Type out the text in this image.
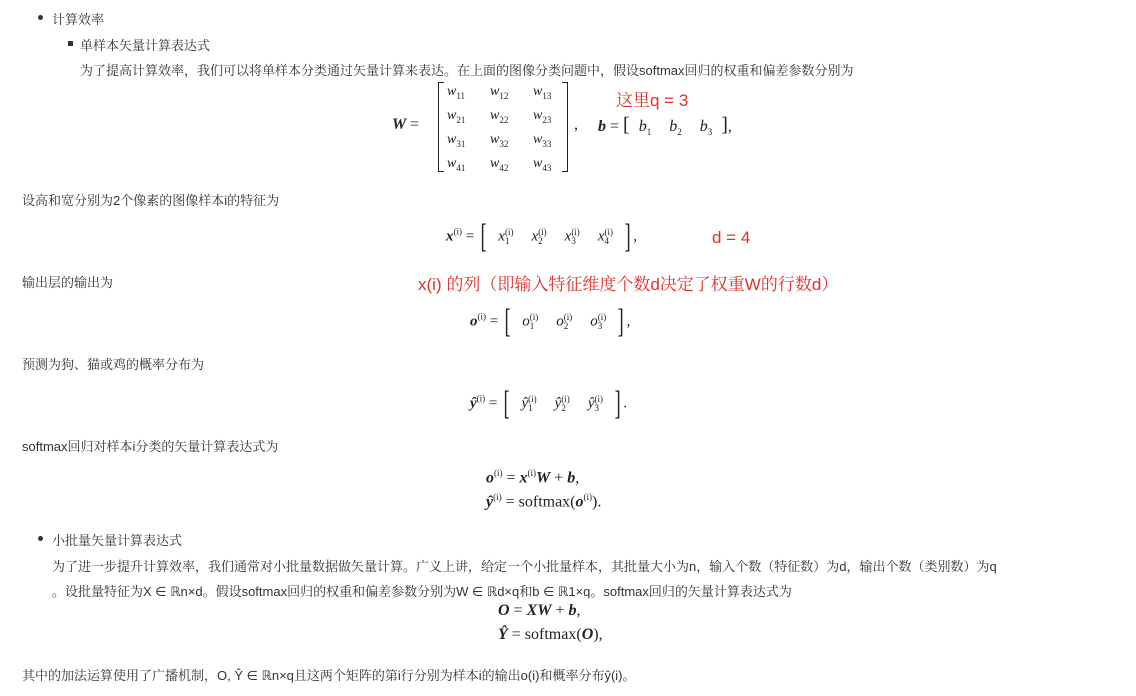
计算效率
单样本矢量计算表达式
为了提高计算效率，我们可以将单样本分类通过矢量计算来表达。在上面的图像分类问题中，假设softmax回归的权重和偏差参数分别为
W =
$w_{11}$ $w_{12}$ $w_{13}$
$w_{21}$ $w_{22}$ $w_{23}$
$w_{31}$ $w_{32}$ $w_{33}$
$w_{41}$ $w_{42}$ $w_{43}$
, b = [ $b_1$ $b_2$ $b_3$ ],
这里q = 3
设高和宽分别为2个像素的图像样本i的特征为
$x^{(i)}$ = [ x(i)
1 x(i)
2 x(i)
3 x(i)
4 ] ,	d = 4
输出层的输出为	x(i) 的列（即输入特征维度个数d决定了权重W的行数d）
$o^{(i)}$ = [ o(i)
1 o(i)
2 o(i)
3 ] ,
预测为狗、猫或鸡的概率分布为
$ŷ^{(i)}$ = [ ŷ(i)
1 ŷ(i)
2 ŷ(i)
3 ] .
softmax回归对样本i分类的矢量计算表达式为
$o^{(i)} = x^{(i)}W + b$,
$ŷ^{(i)}$ = $softmax(o^{(i)})$.
小批量矢量计算表达式
为了进一步提升计算效率，我们通常对小批量数据做矢量计算。广义上讲，给定一个小批量样本，其批量大小为n，输入个数（特征数）为d，输出个数（类别数）为q
。设批量特征为X ∈ ℝn×d。假设softmax回归的权重和偏差参数分别为W ∈ ℝd×q和b ∈ ℝ1×q。softmax回归的矢量计算表达式为
O = XW + b,
Ŷ = softmax(O),
其中的加法运算使用了广播机制，O, Ŷ ∈ ℝn×q且这两个矩阵的第i行分别为样本i的输出o(i)和概率分布ŷ(i)。
